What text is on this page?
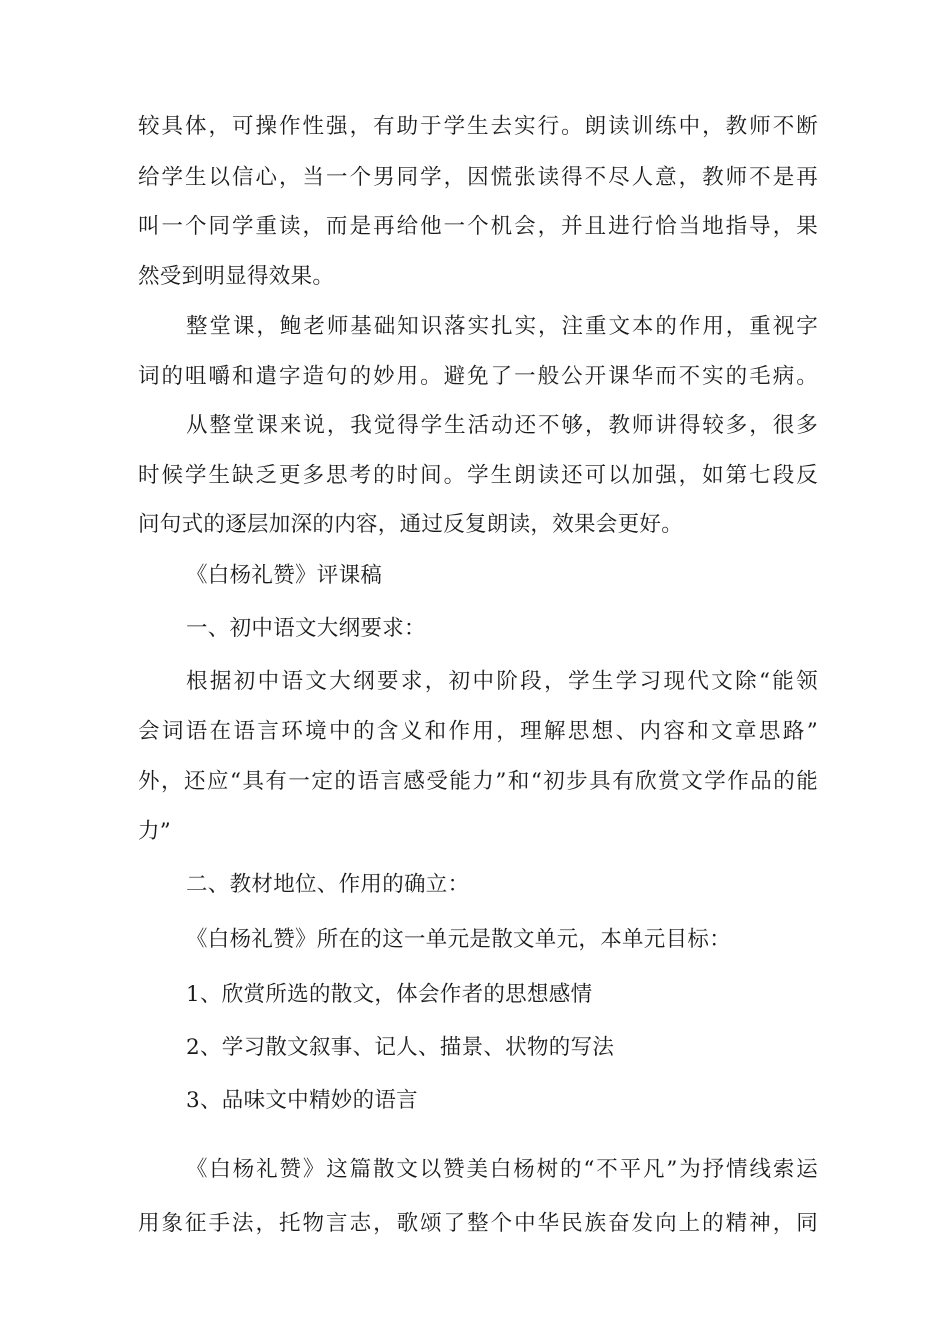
较具体，可操作性强，有助于学生去实行。朗读训练中，教师不断
给学生以信心，当一个男同学，因慌张读得不尽人意，教师不是再
叫一个同学重读，而是再给他一个机会，并且进行恰当地指导，果
然受到明显得效果。
整堂课，鲍老师基础知识落实扎实，注重文本的作用，重视字
词的咀嚼和遣字造句的妙用。避免了一般公开课华而不实的毛病。
从整堂课来说，我觉得学生活动还不够，教师讲得较多，很多
时候学生缺乏更多思考的时间。学生朗读还可以加强，如第七段反
问句式的逐层加深的内容，通过反复朗读，效果会更好。
《白杨礼赞》评课稿
一、初中语文大纲要求：
根据初中语文大纲要求，初中阶段，学生学习现代文除“能领
会词语在语言环境中的含义和作用，理解思想、内容和文章思路”
外，还应“具有一定的语言感受能力”和“初步具有欣赏文学作品的能
力”
二、教材地位、作用的确立：
《白杨礼赞》所在的这一单元是散文单元，本单元目标：
1、欣赏所选的散文，体会作者的思想感情
2、学习散文叙事、记人、描景、状物的写法
3、品味文中精妙的语言
《白杨礼赞》这篇散文以赞美白杨树的“不平凡”为抒情线索运
用象征手法，托物言志，歌颂了整个中华民族奋发向上的精神，同
